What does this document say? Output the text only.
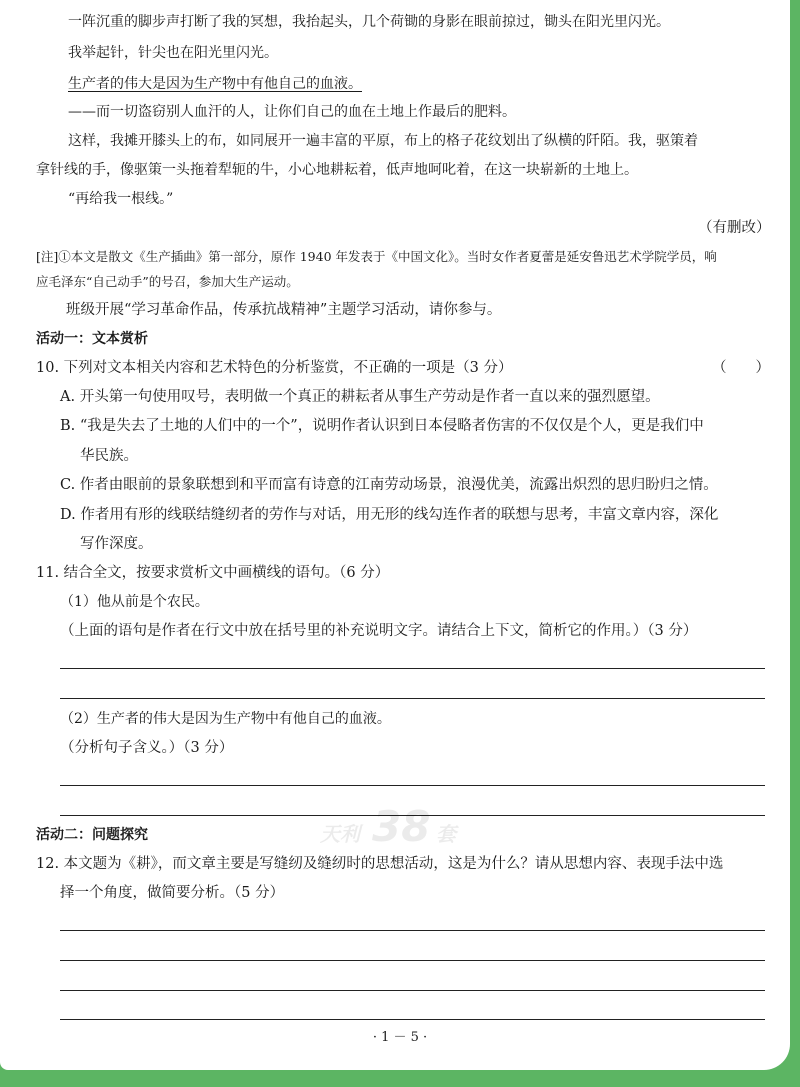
一阵沉重的脚步声打断了我的冥想，我抬起头，几个荷锄的身影在眼前掠过，锄头在阳光里闪光。
我举起针，针尖也在阳光里闪光。
生产者的伟大是因为生产物中有他自己的血液。
——而一切盗窃别人血汗的人，让你们自己的血在土地上作最后的肥料。
这样，我摊开膝头上的布，如同展开一遍丰富的平原，布上的格子花纹划出了纵横的阡陌。我，驱策着
拿针线的手，像驱策一头拖着犁轭的牛，小心地耕耘着，低声地呵叱着，在这一块崭新的土地上。
“再给我一根线。”
（有删改）
[注]①本文是散文《生产插曲》第一部分，原作 1940 年发表于《中国文化》。当时女作者夏蕾是延安鲁迅艺术学院学员，响
应毛泽东“自己动手”的号召，参加大生产运动。
班级开展“学习革命作品，传承抗战精神”主题学习活动，请你参与。
活动一：文本赏析
10. 下列对文本相关内容和艺术特色的分析鉴赏，不正确的一项是（3 分）	（　　）
A. 开头第一句使用叹号，表明做一个真正的耕耘者从事生产劳动是作者一直以来的强烈愿望。
B. “我是失去了土地的人们中的一个”，说明作者认识到日本侵略者伤害的不仅仅是个人，更是我们中
华民族。
C. 作者由眼前的景象联想到和平而富有诗意的江南劳动场景，浪漫优美，流露出炽烈的思归盼归之情。
D. 作者用有形的线联结缝纫者的劳作与对话，用无形的线勾连作者的联想与思考，丰富文章内容，深化
写作深度。
11. 结合全文，按要求赏析文中画横线的语句。（6 分）
（1）他从前是个农民。
（上面的语句是作者在行文中放在括号里的补充说明文字。请结合上下文，简析它的作用。）（3 分）
（2）生产者的伟大是因为生产物中有他自己的血液。
（分析句子含义。）（3 分）
天利 38 套
活动二：问题探究
12. 本文题为《耕》，而文章主要是写缝纫及缝纫时的思想活动，这是为什么？请从思想内容、表现手法中选
择一个角度，做简要分析。（5 分）
· 1 － 5 ·
